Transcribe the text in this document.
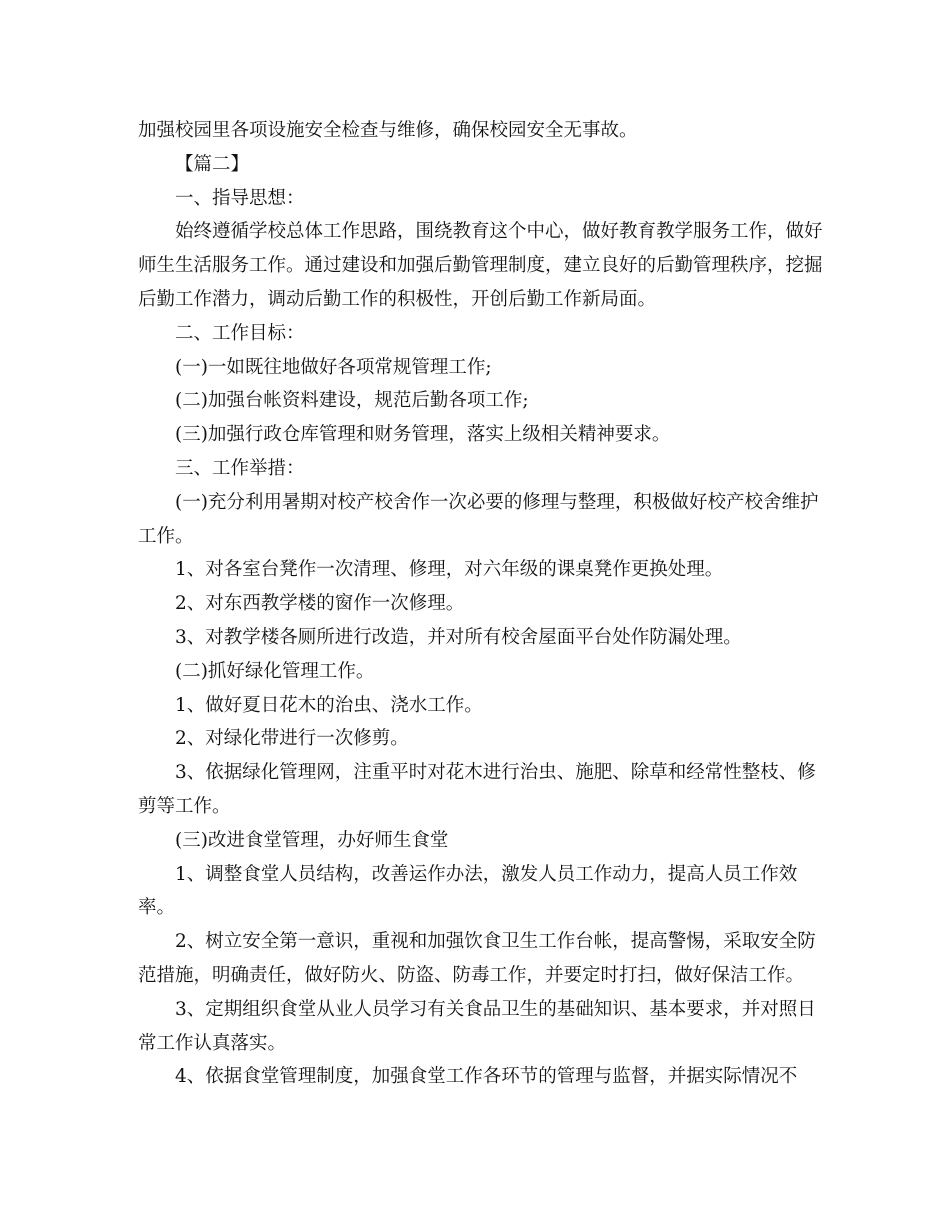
加强校园里各项设施安全检查与维修，确保校园安全无事故。

【篇二】

一、指导思想：

始终遵循学校总体工作思路，围绕教育这个中心，做好教育教学服务工作，做好师生生活服务工作。通过建设和加强后勤管理制度，建立良好的后勤管理秩序，挖掘后勤工作潜力，调动后勤工作的积极性，开创后勤工作新局面。

二、工作目标：

(一)一如既往地做好各项常规管理工作;

(二)加强台帐资料建设，规范后勤各项工作;

(三)加强行政仓库管理和财务管理，落实上级相关精神要求。

三、工作举措：

(一)充分利用暑期对校产校舍作一次必要的修理与整理，积极做好校产校舍维护工作。

1、对各室台凳作一次清理、修理，对六年级的课桌凳作更换处理。

2、对东西教学楼的窗作一次修理。

3、对教学楼各厕所进行改造，并对所有校舍屋面平台处作防漏处理。

(二)抓好绿化管理工作。

1、做好夏日花木的治虫、浇水工作。

2、对绿化带进行一次修剪。

3、依据绿化管理网，注重平时对花木进行治虫、施肥、除草和经常性整枝、修剪等工作。

(三)改进食堂管理，办好师生食堂

1、调整食堂人员结构，改善运作办法，激发人员工作动力，提高人员工作效率。

2、树立安全第一意识，重视和加强饮食卫生工作台帐，提高警惕，采取安全防范措施，明确责任，做好防火、防盗、防毒工作，并要定时打扫，做好保洁工作。

3、定期组织食堂从业人员学习有关食品卫生的基础知识、基本要求，并对照日常工作认真落实。

4、依据食堂管理制度，加强食堂工作各环节的管理与监督，并据实际情况不
